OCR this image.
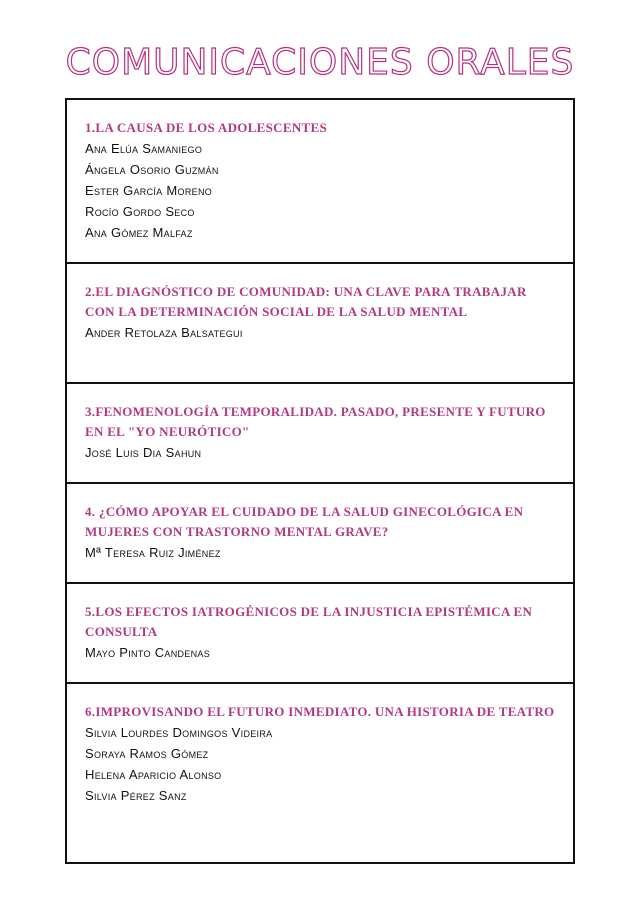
COMUNICACIONES ORALES
1.LA CAUSA DE LOS ADOLESCENTES
Ana Elúa Samaniego
Ángela Osorio Guzmán
Ester García Moreno
Rocío Gordo Seco
Ana Gómez Malfaz
2.EL DIAGNÓSTICO DE COMUNIDAD: UNA CLAVE PARA TRABAJAR CON LA DETERMINACIÓN SOCIAL DE LA SALUD MENTAL
Ander Retolaza Balsategui
3.FENOMENOLOGÍA TEMPORALIDAD. PASADO, PRESENTE Y FUTURO EN EL "YO NEURÓTICO"
José Luis Dia Sahun
4. ¿CÓMO APOYAR EL CUIDADO DE LA SALUD GINECOLÓGICA EN MUJERES CON TRASTORNO MENTAL GRAVE?
Mª Teresa Ruiz Jiménez
5.LOS EFECTOS IATROGÉNICOS DE LA INJUSTICIA EPISTÉMICA EN CONSULTA
Mayo Pinto Candenas
6.IMPROVISANDO EL FUTURO INMEDIATO. UNA HISTORIA DE TEATRO
Silvia Lourdes Domingos Videira
Soraya Ramos Gómez
Helena Aparicio Alonso
Silvia Pérez Sanz
